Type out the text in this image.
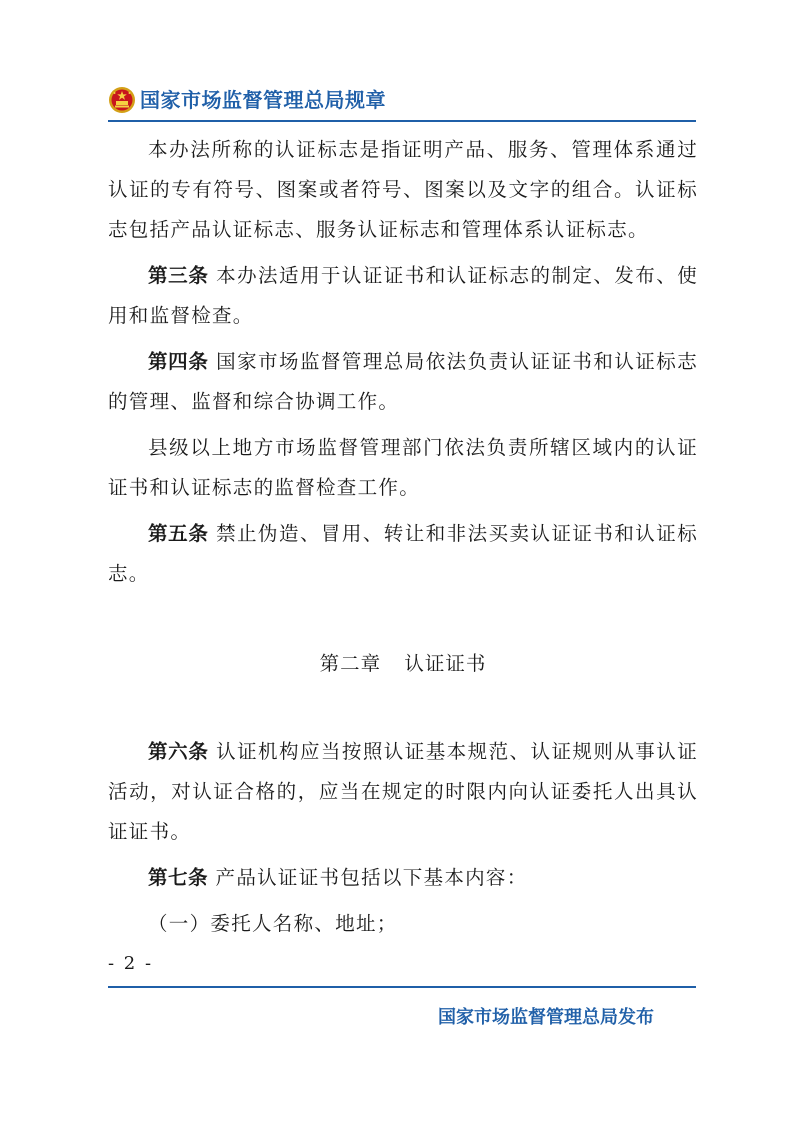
国家市场监督管理总局规章

本办法所称的认证标志是指证明产品、服务、管理体系通过认证的专有符号、图案或者符号、图案以及文字的组合。认证标志包括产品认证标志、服务认证标志和管理体系认证标志。

第三条 本办法适用于认证证书和认证标志的制定、发布、使用和监督检查。

第四条 国家市场监督管理总局依法负责认证证书和认证标志的管理、监督和综合协调工作。

县级以上地方市场监督管理部门依法负责所辖区域内的认证证书和认证标志的监督检查工作。

第五条 禁止伪造、冒用、转让和非法买卖认证证书和认证标志。

第二章 认证证书

第六条 认证机构应当按照认证基本规范、认证规则从事认证活动，对认证合格的，应当在规定的时限内向认证委托人出具认证证书。

第七条 产品认证证书包括以下基本内容：

（一）委托人名称、地址；

- 2 -
国家市场监督管理总局发布
